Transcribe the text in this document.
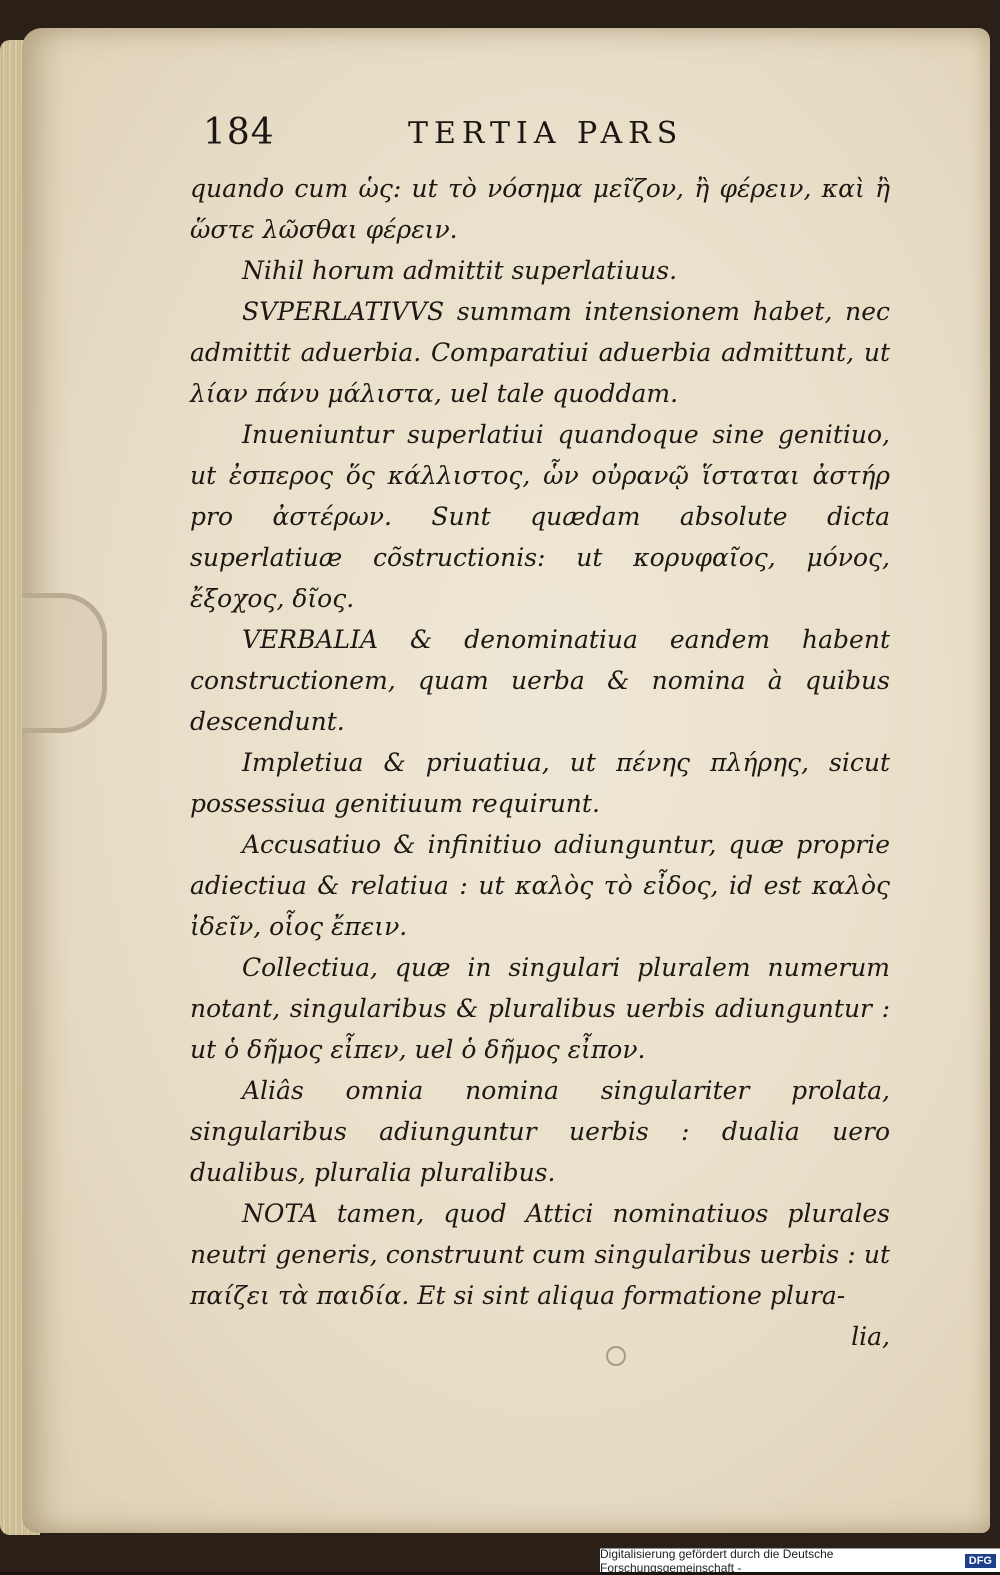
184	TERTIA PARS

quando cum ὡς: ut τὸ νόσημα μεῖζον, ἢ φέρειν, καὶ ἢ ὥστε λῶσθαι φέρειν.

Nihil horum admittit superlatiuus.

SVPERLATIVVS summam intensionem habet, nec admittit aduerbia. Comparatiui aduerbia admittunt, ut λίαν πάνυ μάλιστα, uel tale quoddam.

Inueniuntur superlatiui quandoque sine genitiuo, ut ἐσπερος ὅς κάλλιστος, ὧν οὐρανῷ ἵσταται ἀστήρ pro ἀστέρων. Sunt quædam absolute dicta superlatiuæ cõstructionis: ut κορυφαῖος, μόνος, ἔξοχος, δῖος.

VERBALIA & denominatiua eandem habent constructionem, quam uerba & nomina à quibus descendunt.

Impletiua & priuatiua, ut πένης πλήρης, sicut possessiua genitiuum requirunt.

Accusatiuo & infinitiuo adiunguntur, quæ proprie adiectiua & relatiua : ut καλὸς τὸ εἶδος, id est καλὸς ἰδεῖν, οἷος ἔπειν.

Collectiua, quæ in singulari pluralem numerum notant, singularibus & pluralibus uerbis adiunguntur : ut ὁ δῆμος εἶπεν, uel ὁ δῆμος εἶπον.

Aliâs omnia nomina singulariter prolata, singularibus adiunguntur uerbis : dualia uero dualibus, pluralia pluralibus.

NOTA tamen, quod Attici nominatiuos plurales neutri generis, construunt cum singularibus uerbis : ut παίζει τὰ παιδία. Et si sint aliqua formatione plura-

lia,

Digitalisierung gefördert durch die Deutsche Forschungsgemeinschaft -	DFG
